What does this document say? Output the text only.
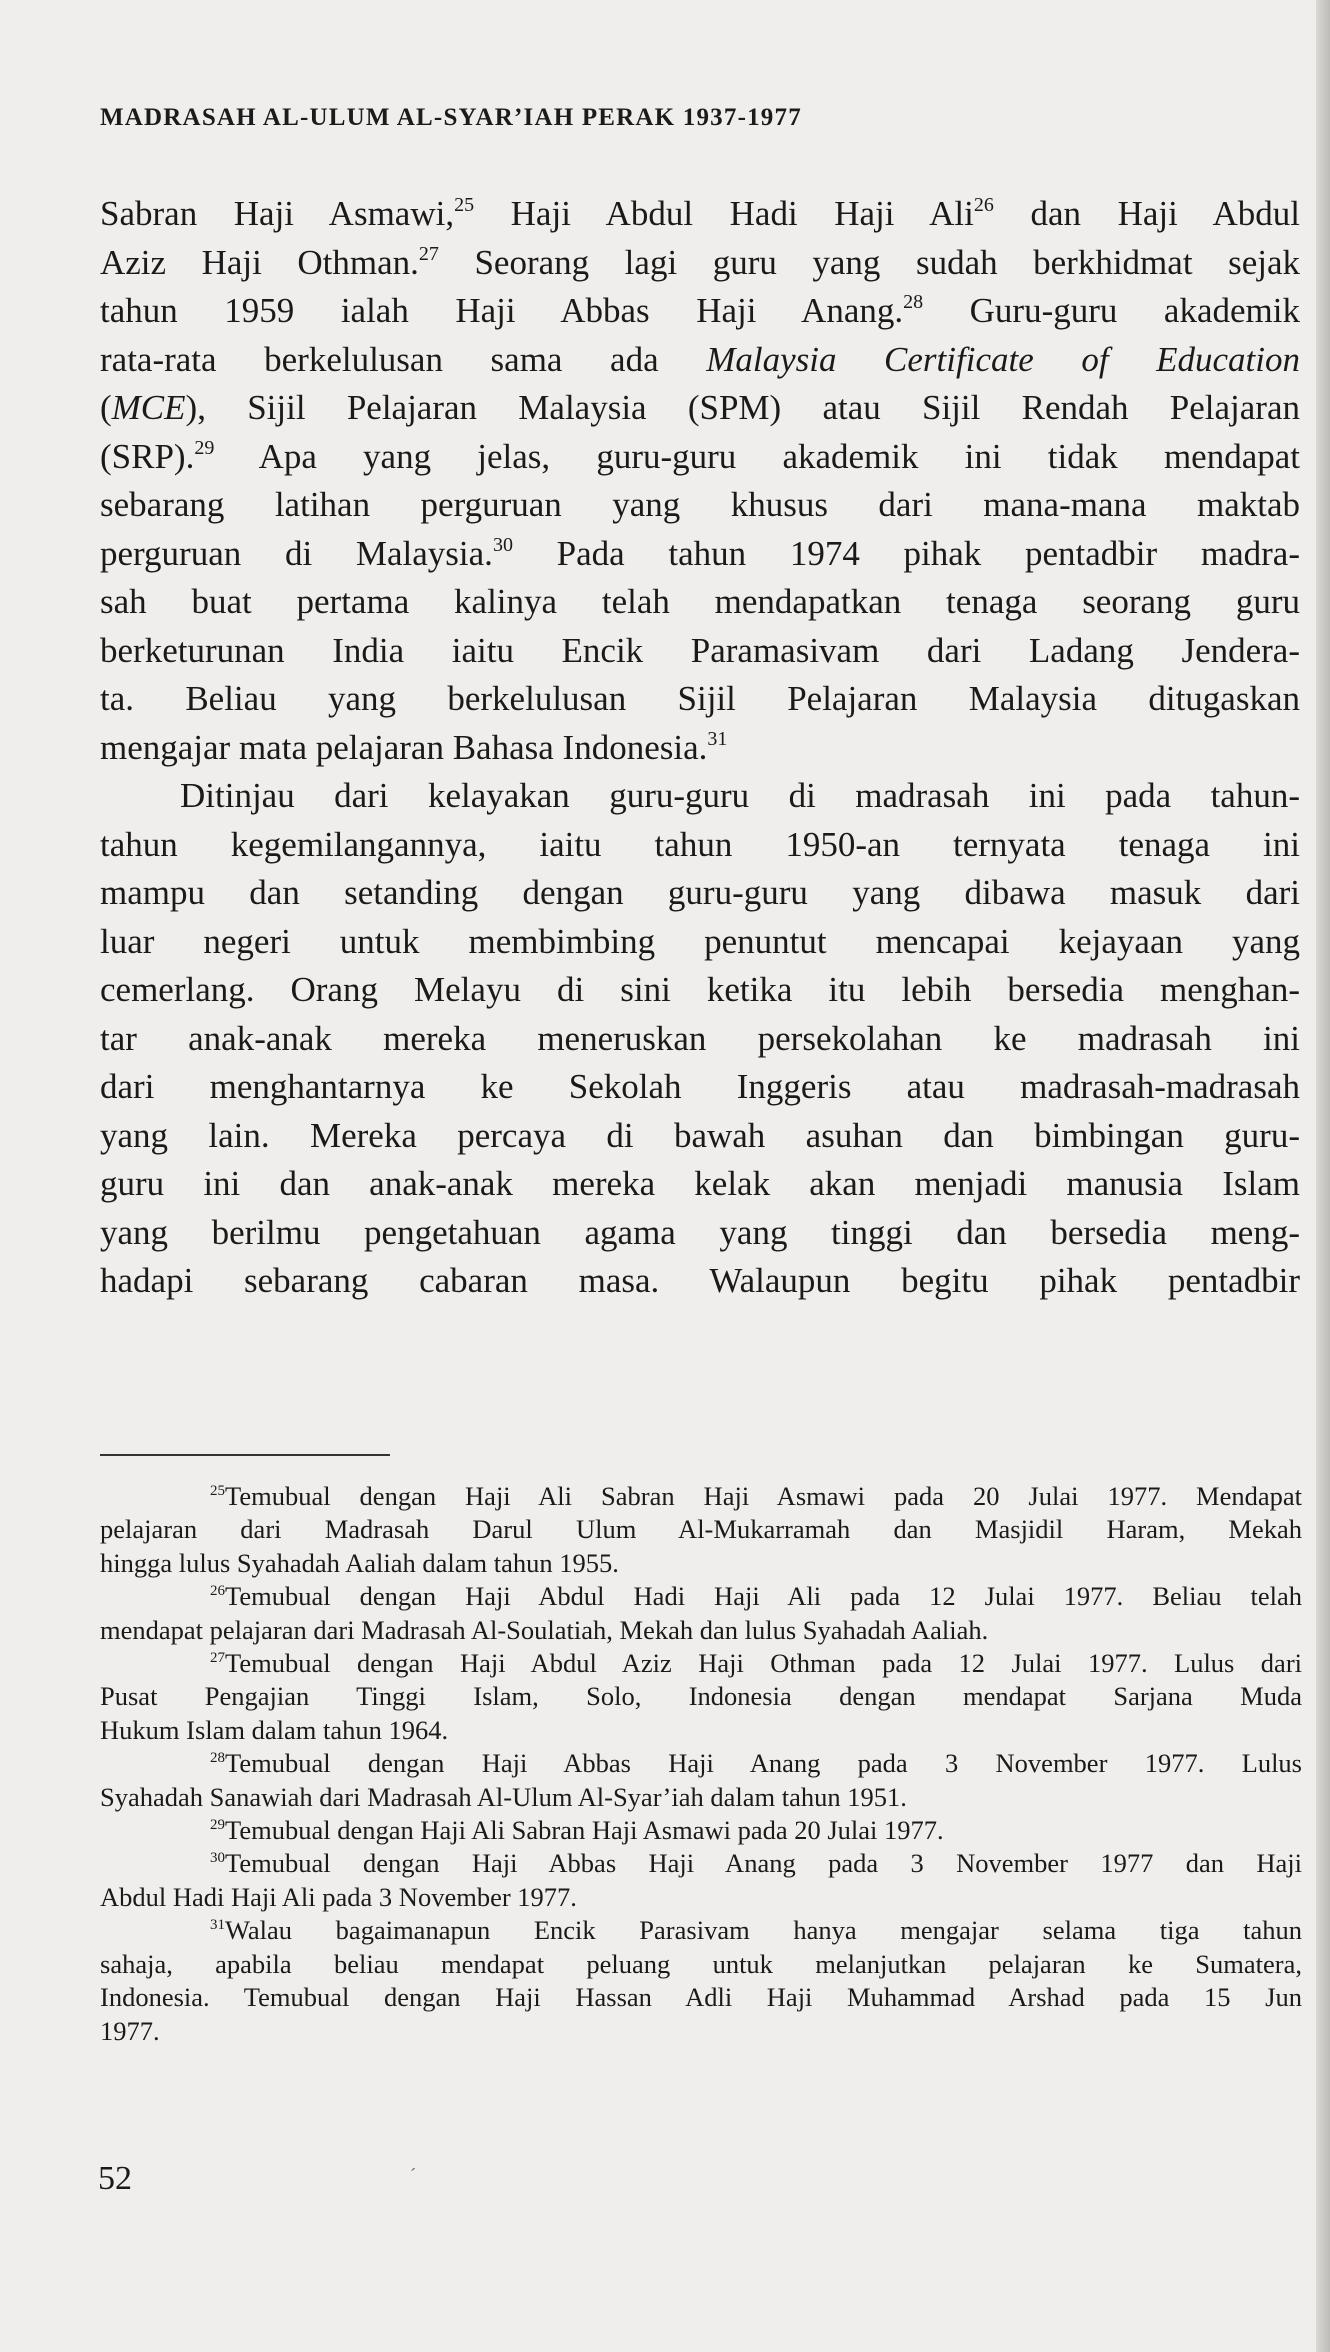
MADRASAH AL-ULUM AL-SYAR’IAH PERAK 1937-1977
Sabran Haji Asmawi,$^{25}$ Haji Abdul Hadi Haji Ali$^{26}$ dan Haji Abdul
Aziz Haji Othman.$^{27}$ Seorang lagi guru yang sudah berkhidmat sejak
tahun 1959 ialah Haji Abbas Haji Anang.$^{28}$ Guru-guru akademik
rata-rata berkelulusan sama ada Malaysia Certificate of Education
(MCE), Sijil Pelajaran Malaysia (SPM) atau Sijil Rendah Pelajaran
(SRP).$^{29}$ Apa yang jelas, guru-guru akademik ini tidak mendapat
sebarang latihan perguruan yang khusus dari mana-mana maktab
perguruan di Malaysia.$^{30}$ Pada tahun 1974 pihak pentadbir madra-
sah buat pertama kalinya telah mendapatkan tenaga seorang guru
berketurunan India iaitu Encik Paramasivam dari Ladang Jendera-
ta. Beliau yang berkelulusan Sijil Pelajaran Malaysia ditugaskan
mengajar mata pelajaran Bahasa Indonesia.$^{31}$
Ditinjau dari kelayakan guru-guru di madrasah ini pada tahun-
tahun kegemilangannya, iaitu tahun 1950-an ternyata tenaga ini
mampu dan setanding dengan guru-guru yang dibawa masuk dari
luar negeri untuk membimbing penuntut mencapai kejayaan yang
cemerlang. Orang Melayu di sini ketika itu lebih bersedia menghan-
tar anak-anak mereka meneruskan persekolahan ke madrasah ini
dari menghantarnya ke Sekolah Inggeris atau madrasah-madrasah
yang lain. Mereka percaya di bawah asuhan dan bimbingan guru-
guru ini dan anak-anak mereka kelak akan menjadi manusia Islam
yang berilmu pengetahuan agama yang tinggi dan bersedia meng-
hadapi sebarang cabaran masa. Walaupun begitu pihak pentadbir
$^{25}$Temubual dengan Haji Ali Sabran Haji Asmawi pada 20 Julai 1977. Mendapat
pelajaran dari Madrasah Darul Ulum Al-Mukarramah dan Masjidil Haram, Mekah
hingga lulus Syahadah Aaliah dalam tahun 1955.
$^{26}$Temubual dengan Haji Abdul Hadi Haji Ali pada 12 Julai 1977. Beliau telah
mendapat pelajaran dari Madrasah Al-Soulatiah, Mekah dan lulus Syahadah Aaliah.
$^{27}$Temubual dengan Haji Abdul Aziz Haji Othman pada 12 Julai 1977. Lulus dari
Pusat Pengajian Tinggi Islam, Solo, Indonesia dengan mendapat Sarjana Muda
Hukum Islam dalam tahun 1964.
$^{28}$Temubual dengan Haji Abbas Haji Anang pada 3 November 1977. Lulus
Syahadah Sanawiah dari Madrasah Al-Ulum Al-Syar’iah dalam tahun 1951.
$^{29}$Temubual dengan Haji Ali Sabran Haji Asmawi pada 20 Julai 1977.
$^{30}$Temubual dengan Haji Abbas Haji Anang pada 3 November 1977 dan Haji
Abdul Hadi Haji Ali pada 3 November 1977.
$^{31}$Walau bagaimanapun Encik Parasivam hanya mengajar selama tiga tahun
sahaja, apabila beliau mendapat peluang untuk melanjutkan pelajaran ke Sumatera,
Indonesia. Temubual dengan Haji Hassan Adli Haji Muhammad Arshad pada 15 Jun
1977.
52	´
